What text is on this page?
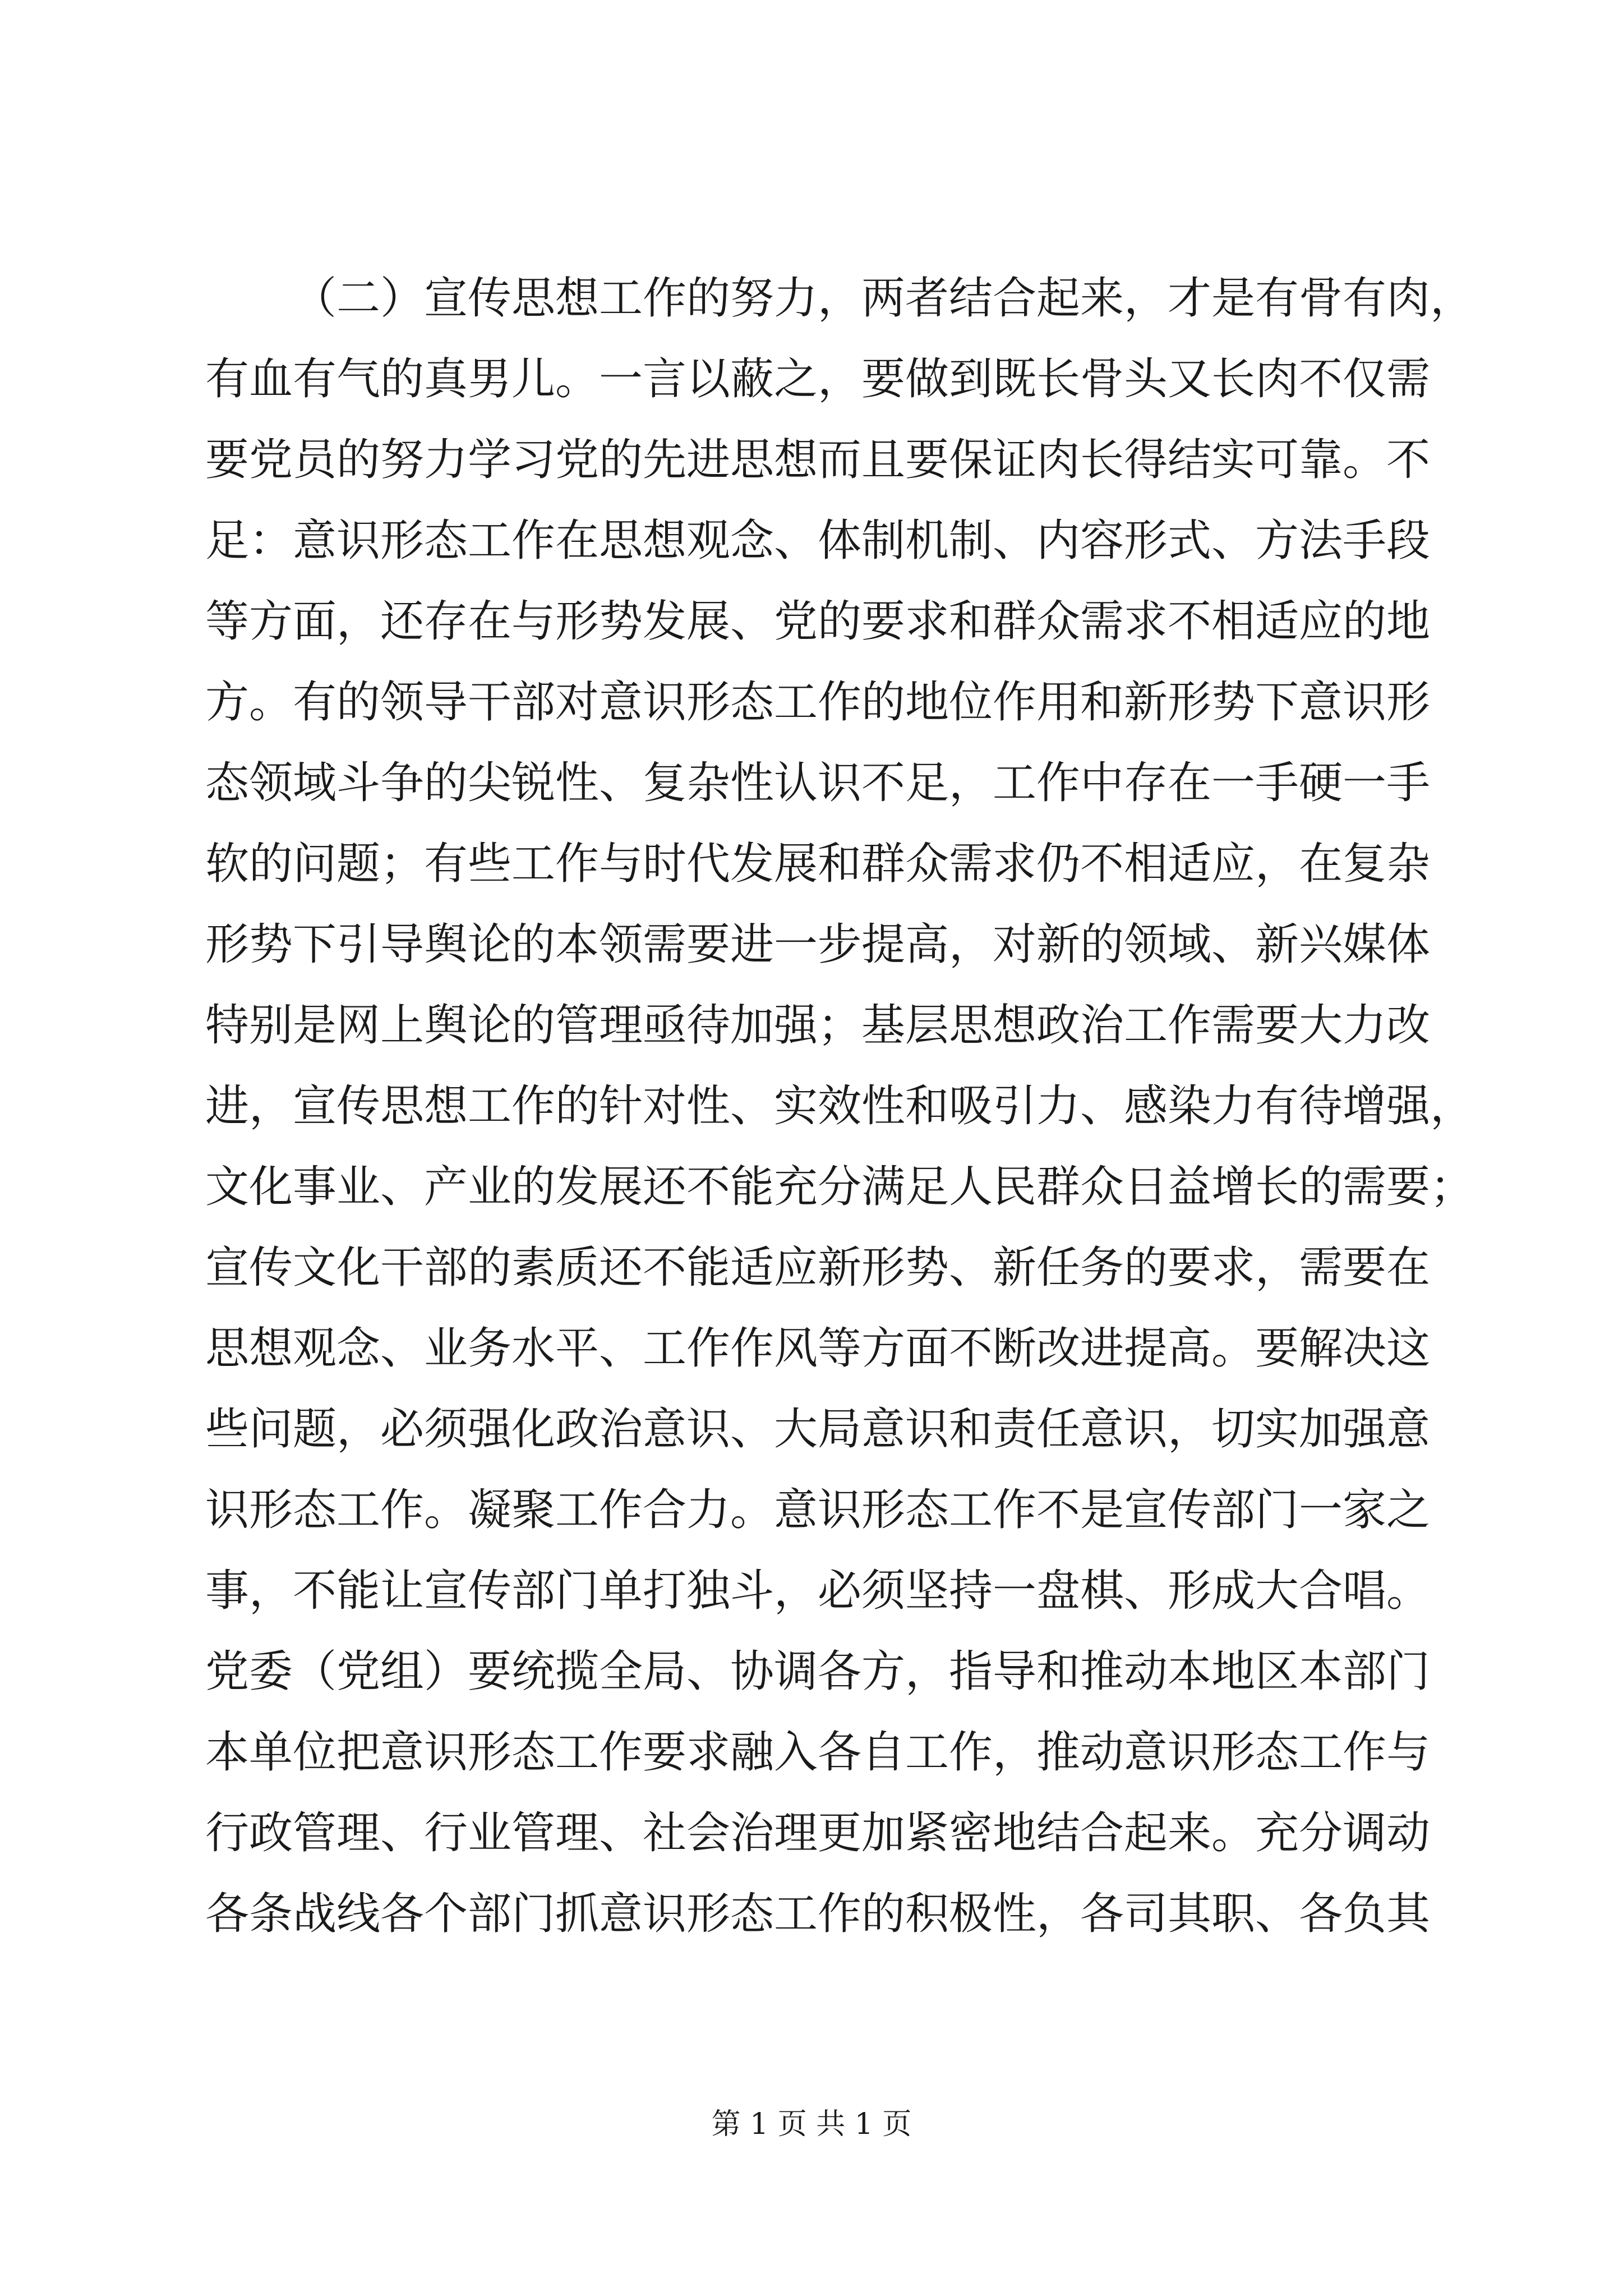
（二）宣传思想工作的努力，两者结合起来，才是有骨有肉，
有血有气的真男儿。一言以蔽之，要做到既长骨头又长肉不仅需
要党员的努力学习党的先进思想而且要保证肉长得结实可靠。不
足：意识形态工作在思想观念、体制机制、内容形式、方法手段
等方面，还存在与形势发展、党的要求和群众需求不相适应的地
方。有的领导干部对意识形态工作的地位作用和新形势下意识形
态领域斗争的尖锐性、复杂性认识不足，工作中存在一手硬一手
软的问题；有些工作与时代发展和群众需求仍不相适应，在复杂
形势下引导舆论的本领需要进一步提高，对新的领域、新兴媒体
特别是网上舆论的管理亟待加强；基层思想政治工作需要大力改
进，宣传思想工作的针对性、实效性和吸引力、感染力有待增强，
文化事业、产业的发展还不能充分满足人民群众日益增长的需要；
宣传文化干部的素质还不能适应新形势、新任务的要求，需要在
思想观念、业务水平、工作作风等方面不断改进提高。要解决这
些问题，必须强化政治意识、大局意识和责任意识，切实加强意
识形态工作。凝聚工作合力。意识形态工作不是宣传部门一家之
事，不能让宣传部门单打独斗，必须坚持一盘棋、形成大合唱。
党委（党组）要统揽全局、协调各方，指导和推动本地区本部门
本单位把意识形态工作要求融入各自工作，推动意识形态工作与
行政管理、行业管理、社会治理更加紧密地结合起来。充分调动
各条战线各个部门抓意识形态工作的积极性，各司其职、各负其
第 1 页 共 1 页
